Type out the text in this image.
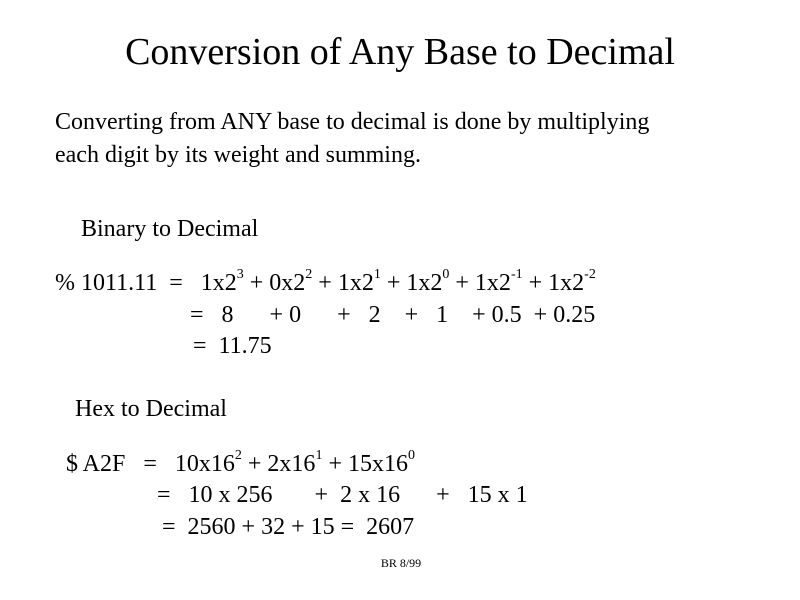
Conversion of Any Base to Decimal
Converting from ANY base to decimal is done by multiplying
each digit by its weight and summing.
Binary to Decimal
% $1011.11 = 1x2^3 + 0x2^2 + 1x2^1 + 1x2^0 + 1x2^{-1} + 1x2^{-2}$
=   8      + 0      +   2    +   1    + 0.5  + 0.25
=  11.75
Hex to Decimal
$ $A2F = 10x16^2 + 2x16^1 + 15x16^0$
=   10 x 256       +  2 x 16      +   15 x 1
=  2560 + 32 + 15 =  2607
BR 8/99
